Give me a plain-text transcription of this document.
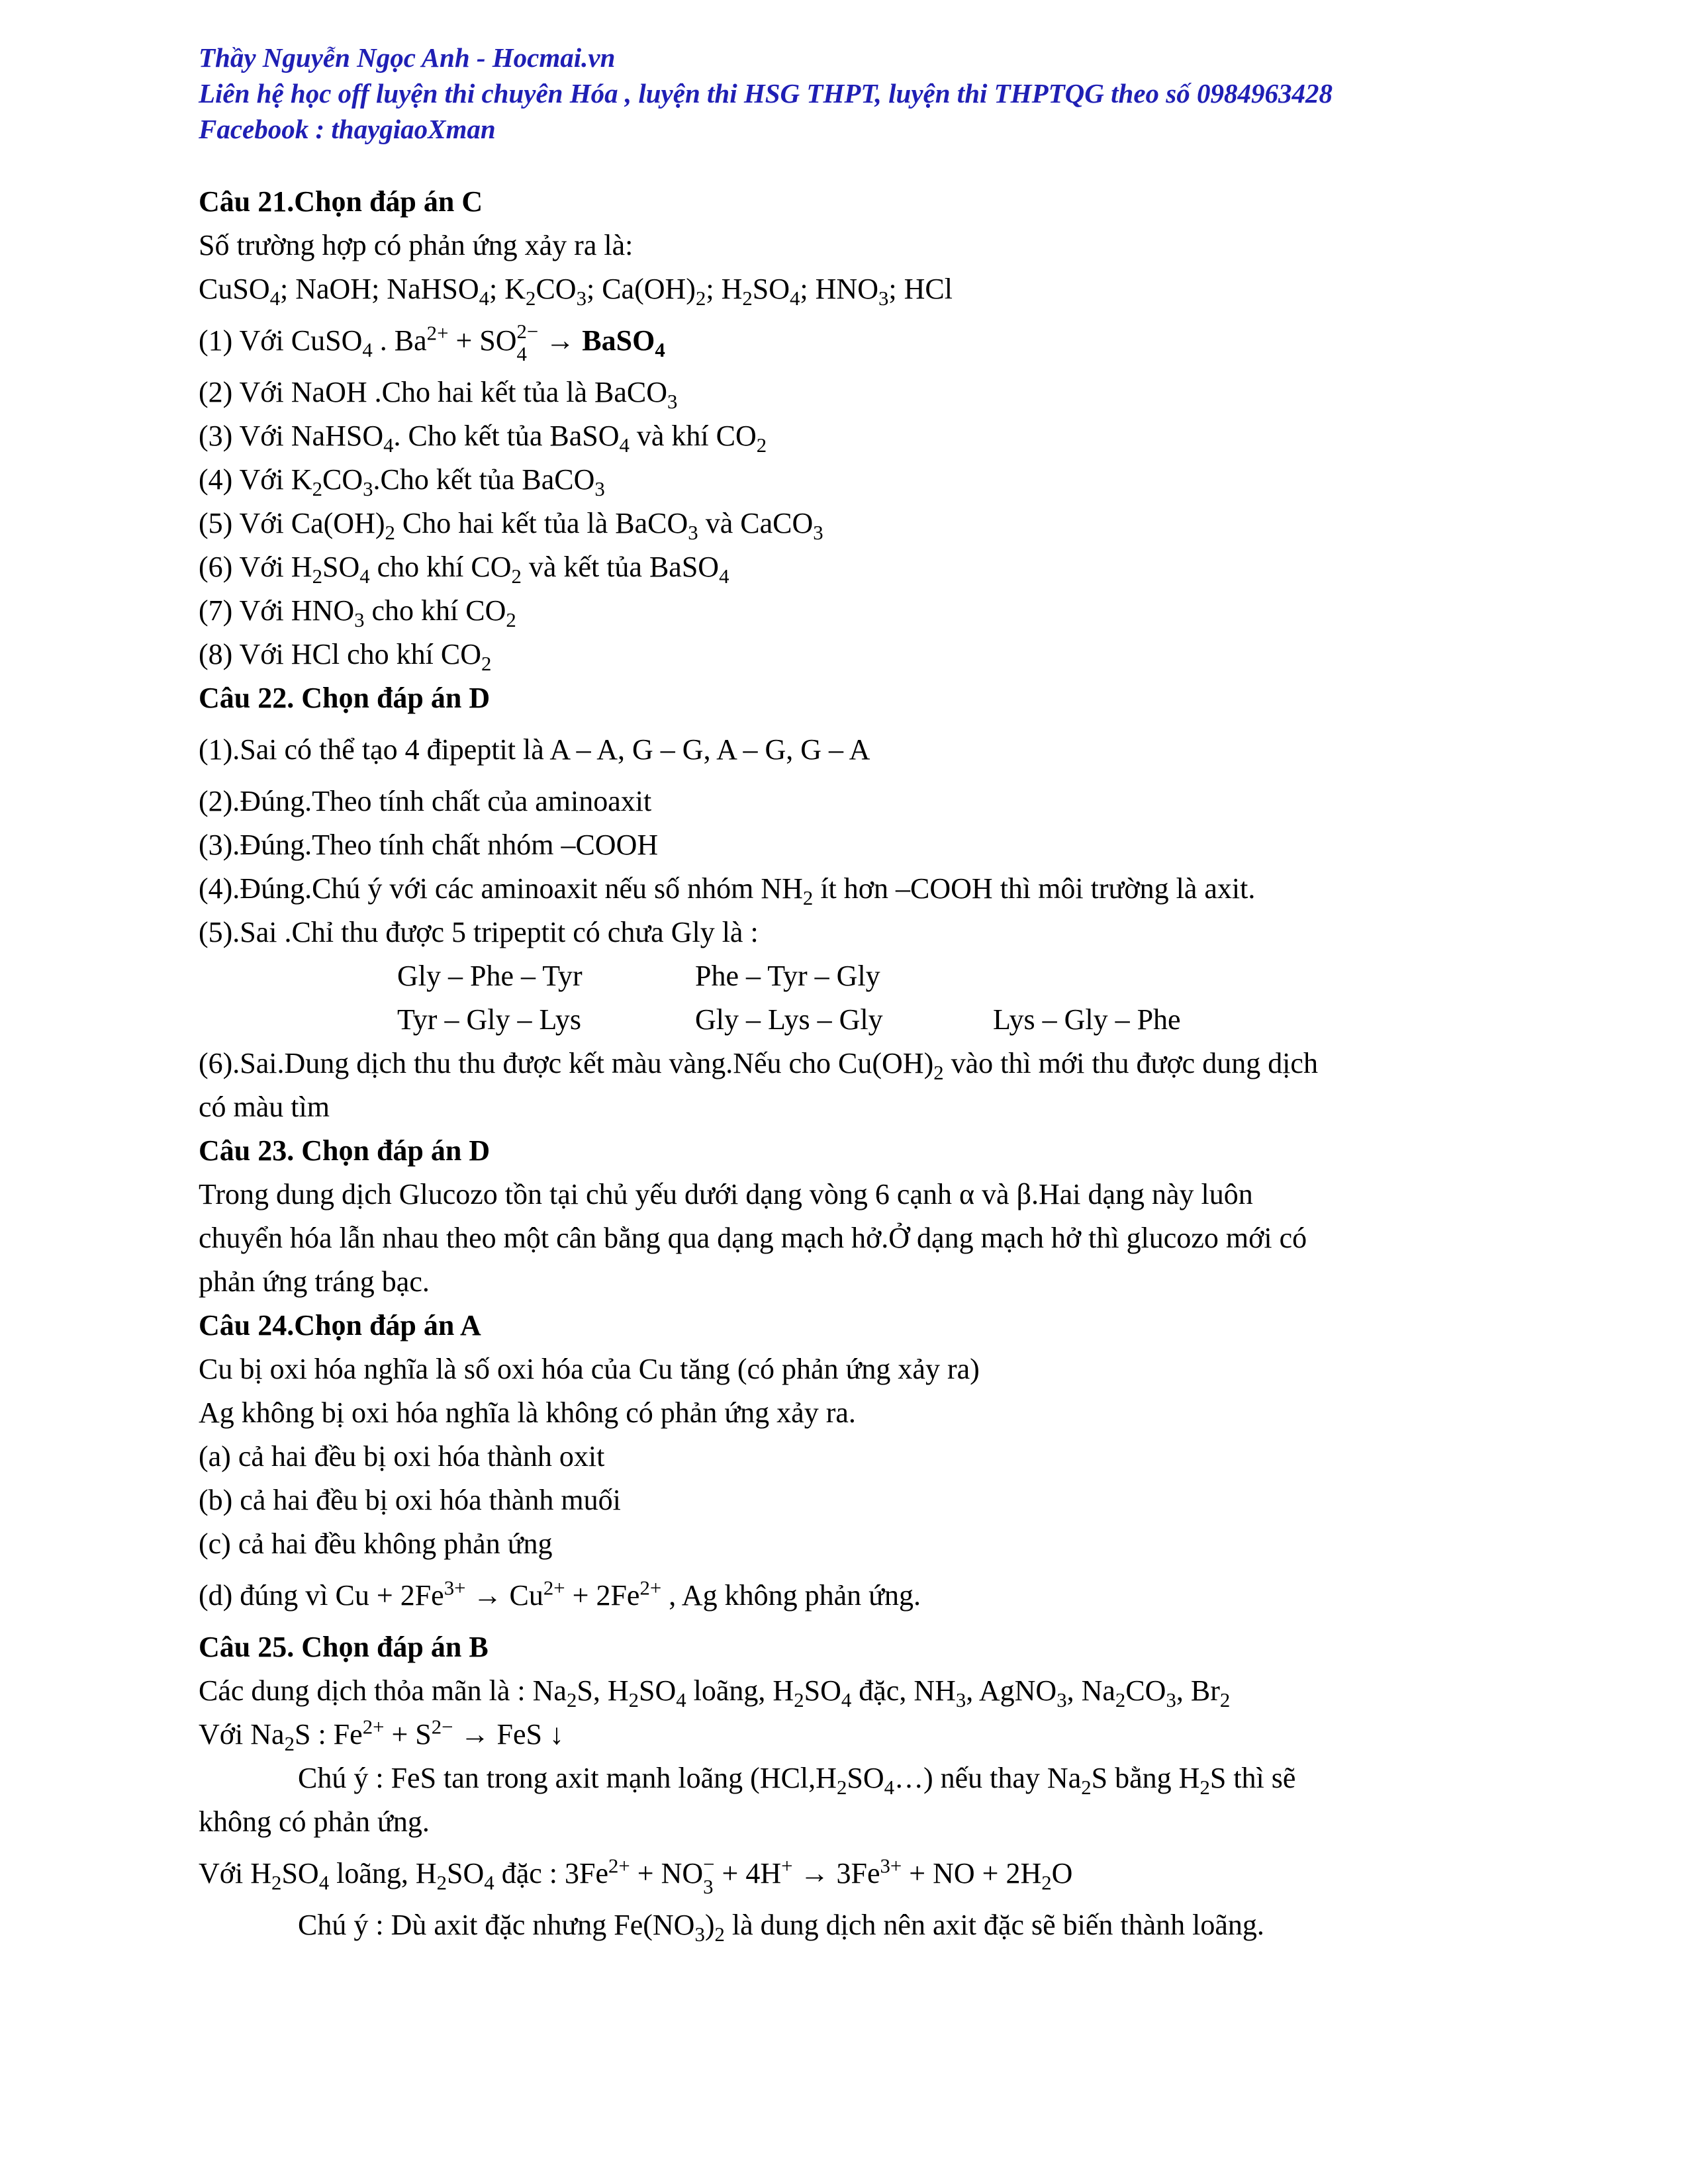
Thầy Nguyễn Ngọc Anh - Hocmai.vn
Liên hệ học off luyện thi chuyên Hóa , luyện thi HSG THPT, luyện thi THPTQG theo số 0984963428
Facebook : thaygiaoXman
Câu 21.Chọn đáp án C
Số trường hợp có phản ứng xảy ra là:
CuSO$_4$; NaOH; NaHSO$_4$; $K_2CO_3$; $Ca(OH)_2$; $H_2SO_4$; $HNO_3$; HCl
(1) Với CuSO$_4$ . $Ba^{2+}$ + SO 2−
4 → BaSO$_4$
(2) Với NaOH .Cho hai kết tủa là BaCO$_3$
(3) Với NaHSO$_4$. Cho kết tủa BaSO$_4$ và khí $CO_2$
(4) Với $K_2CO_3.Cho$ kết tủa BaCO$_3$
(5) Với $Ca(OH)_2$ Cho hai kết tủa là BaCO$_3$ và CaCO$_3$
(6) Với $H_2SO_4$ cho khí $CO_2$ và kết tủa BaSO$_4$
(7) Với $HNO_3$ cho khí $CO_2$
(8) Với HCl cho khí $CO_2$
Câu 22. Chọn đáp án D
(1).Sai có thể tạo 4 đipeptit là A – A, G – G, A – G, G – A
(2).Đúng.Theo tính chất của aminoaxit
(3).Đúng.Theo tính chất nhóm –COOH
(4).Đúng.Chú ý với các aminoaxit nếu số nhóm $NH_2$ ít hơn –COOH thì môi trường là axit.
(5).Sai .Chỉ thu được 5 tripeptit có chưa Gly là :
Gly – Phe – Tyr	Phe – Tyr – Gly
Tyr – Gly – Lys	Gly – Lys – Gly	Lys – Gly – Phe
(6).Sai.Dung dịch thu thu được kết màu vàng.Nếu cho $Cu(OH)_2$ vào thì mới thu được dung dịch
có màu tìm
Câu 23. Chọn đáp án D
Trong dung dịch Glucozo tồn tại chủ yếu dưới dạng vòng 6 cạnh α và β.Hai dạng này luôn
chuyển hóa lẫn nhau theo một cân bằng qua dạng mạch hở.Ở dạng mạch hở thì glucozo mới có
phản ứng tráng bạc.
Câu 24.Chọn đáp án A
Cu bị oxi hóa nghĩa là số oxi hóa của Cu tăng (có phản ứng xảy ra)
Ag không bị oxi hóa nghĩa là không có phản ứng xảy ra.
(a) cả hai đều bị oxi hóa thành oxit
(b) cả hai đều bị oxi hóa thành muối
(c) cả hai đều không phản ứng
(d) đúng vì $Cu + 2Fe^{3+} \to Cu^{2+} + 2Fe^{2+}$ , Ag không phản ứng.
Câu 25. Chọn đáp án B
Các dung dịch thỏa mãn là : $Na_2S$, $H_2SO_4$ loãng, $H_2SO_4$ đặc, $NH_3$, AgNO$_3$, $Na_2CO_3$, $Br_2$
Với $Na_2S$ : $Fe^{2+} + S^{2-}$ → FeS ↓
Chú ý : FeS tan trong axit mạnh loãng $(HCl,H_2SO_4\dots)$ nếu thay $Na_2S$ bằng $H_2S$ thì sẽ
không có phản ứng.
Với $H_2SO_4$ loãng, $H_2SO_4$ đặc : $3Fe^{2+}$ + NO −
$3 + 4H^+ \to 3Fe^{3+}$ + NO + $2H_2O$
Chú ý : Dù axit đặc nhưng $Fe(NO_3)_2$ là dung dịch nên axit đặc sẽ biến thành loãng.
